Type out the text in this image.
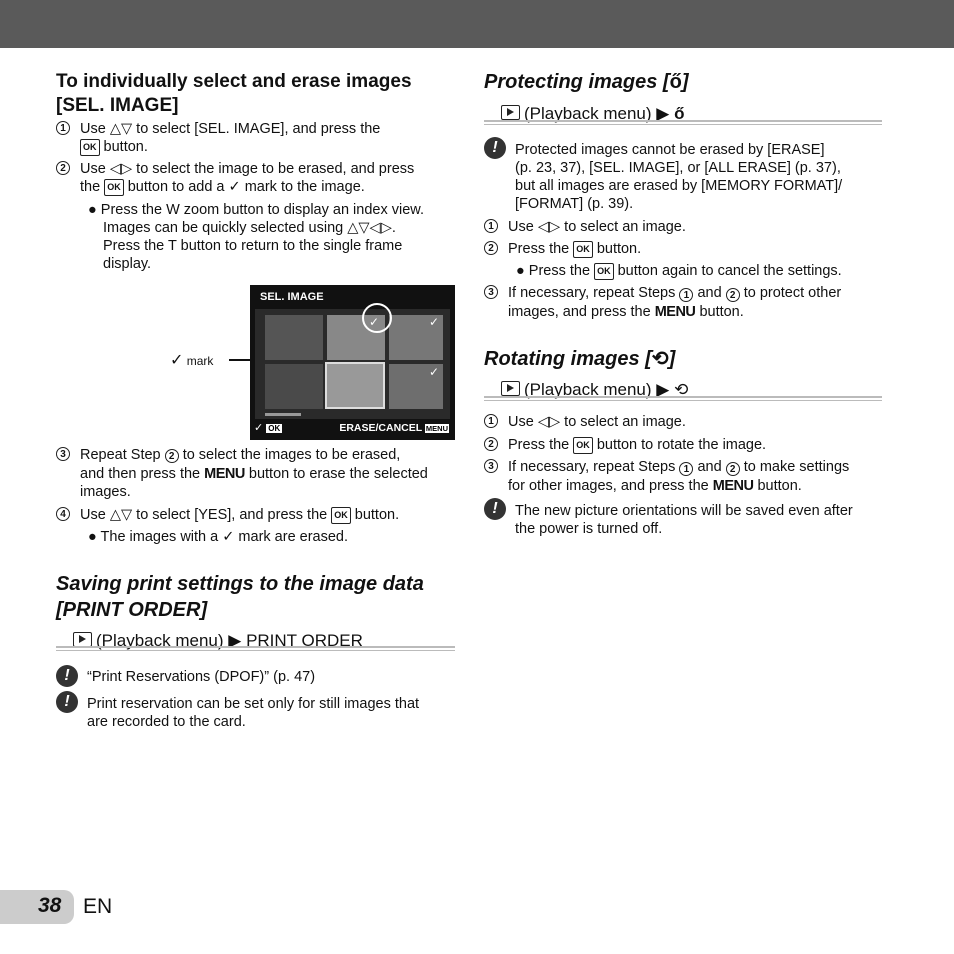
To individually select and erase images
[SEL. IMAGE]
1 Use △▽ to select [SEL. IMAGE], and press the
OK button.
2 Use ◁▷ to select the image to be erased, and press
the OK button to add a ✓ mark to the image.
● Press the W zoom button to display an index view.
Images can be quickly selected using △▽◁▷.
Press the T button to return to the single frame
display.
✓ mark
SEL. IMAGE
✓	✓
✓
✓ OK	ERASE/CANCEL MENU
3 Repeat Step 2 to select the images to be erased,
and then press the MENU button to erase the selected
images.
4 Use △▽ to select [YES], and press the OK button.
● The images with a ✓ mark are erased.
Saving print settings to the image data
[PRINT ORDER]
(Playback menu) ▶ PRINT ORDER
!	“Print Reservations (DPOF)” (p. 47)
!	Print reservation can be set only for still images that
are recorded to the card.
Protecting images [ő]
(Playback menu) ▶ ő
!	Protected images cannot be erased by [ERASE]
(p. 23, 37), [SEL. IMAGE], or [ALL ERASE] (p. 37),
but all images are erased by [MEMORY FORMAT]/
[FORMAT] (p. 39).
1 Use ◁▷ to select an image.
2 Press the OK button.
● Press the OK button again to cancel the settings.
3 If necessary, repeat Steps 1 and 2 to protect other
images, and press the MENU button.
Rotating images [⟲]
(Playback menu) ▶ ⟲
1 Use ◁▷ to select an image.
2 Press the OK button to rotate the image.
3 If necessary, repeat Steps 1 and 2 to make settings
for other images, and press the MENU button.
!	The new picture orientations will be saved even after
the power is turned off.
38 EN
